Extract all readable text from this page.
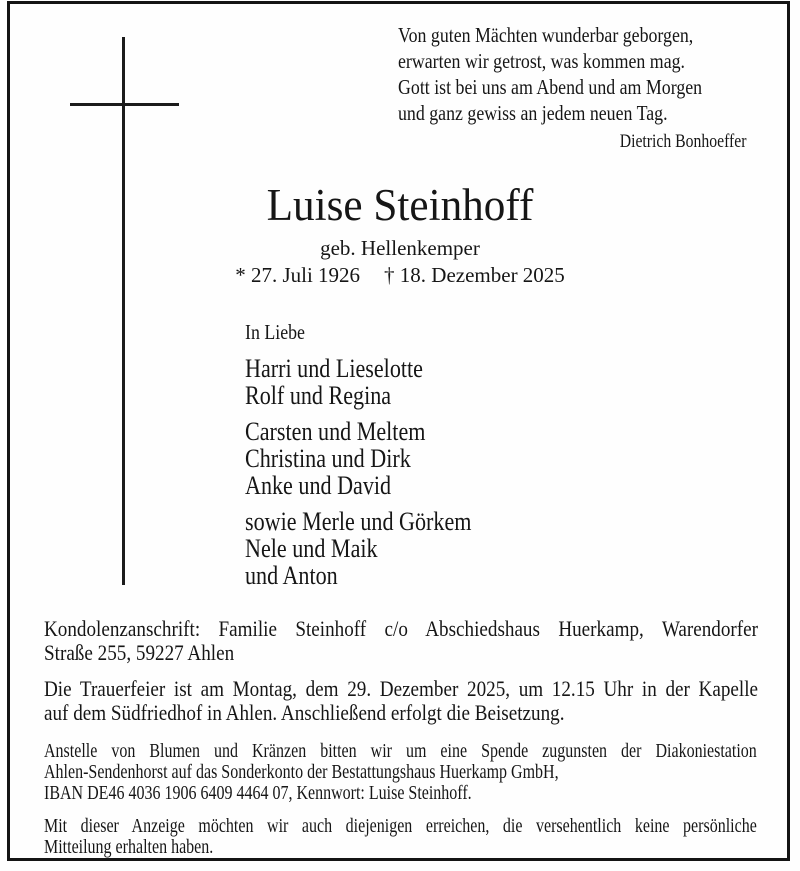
Von guten Mächten wunderbar geborgen,
erwarten wir getrost, was kommen mag.
Gott ist bei uns am Abend und am Morgen
und ganz gewiss an jedem neuen Tag.
Dietrich Bonhoeffer
Luise Steinhoff
geb. Hellenkemper
* 27. Juli 1926 † 18. Dezember 2025
In Liebe
Harri und Lieselotte
Rolf und Regina
Carsten und Meltem
Christina und Dirk
Anke und David
sowie Merle und Görkem
Nele und Maik
und Anton
Kondolenzanschrift: Familie Steinhoff c/o Abschiedshaus Huerkamp, Warendorfer
Straße 255, 59227 Ahlen
Die Trauerfeier ist am Montag, dem 29. Dezember 2025, um 12.15 Uhr in der Kapelle
auf dem Südfriedhof in Ahlen. Anschließend erfolgt die Beisetzung.
Anstelle von Blumen und Kränzen bitten wir um eine Spende zugunsten der Diakoniestation
Ahlen-Sendenhorst auf das Sonderkonto der Bestattungshaus Huerkamp GmbH,
IBAN DE46 4036 1906 6409 4464 07, Kennwort: Luise Steinhoff.
Mit dieser Anzeige möchten wir auch diejenigen erreichen, die versehentlich keine persönliche
Mitteilung erhalten haben.
